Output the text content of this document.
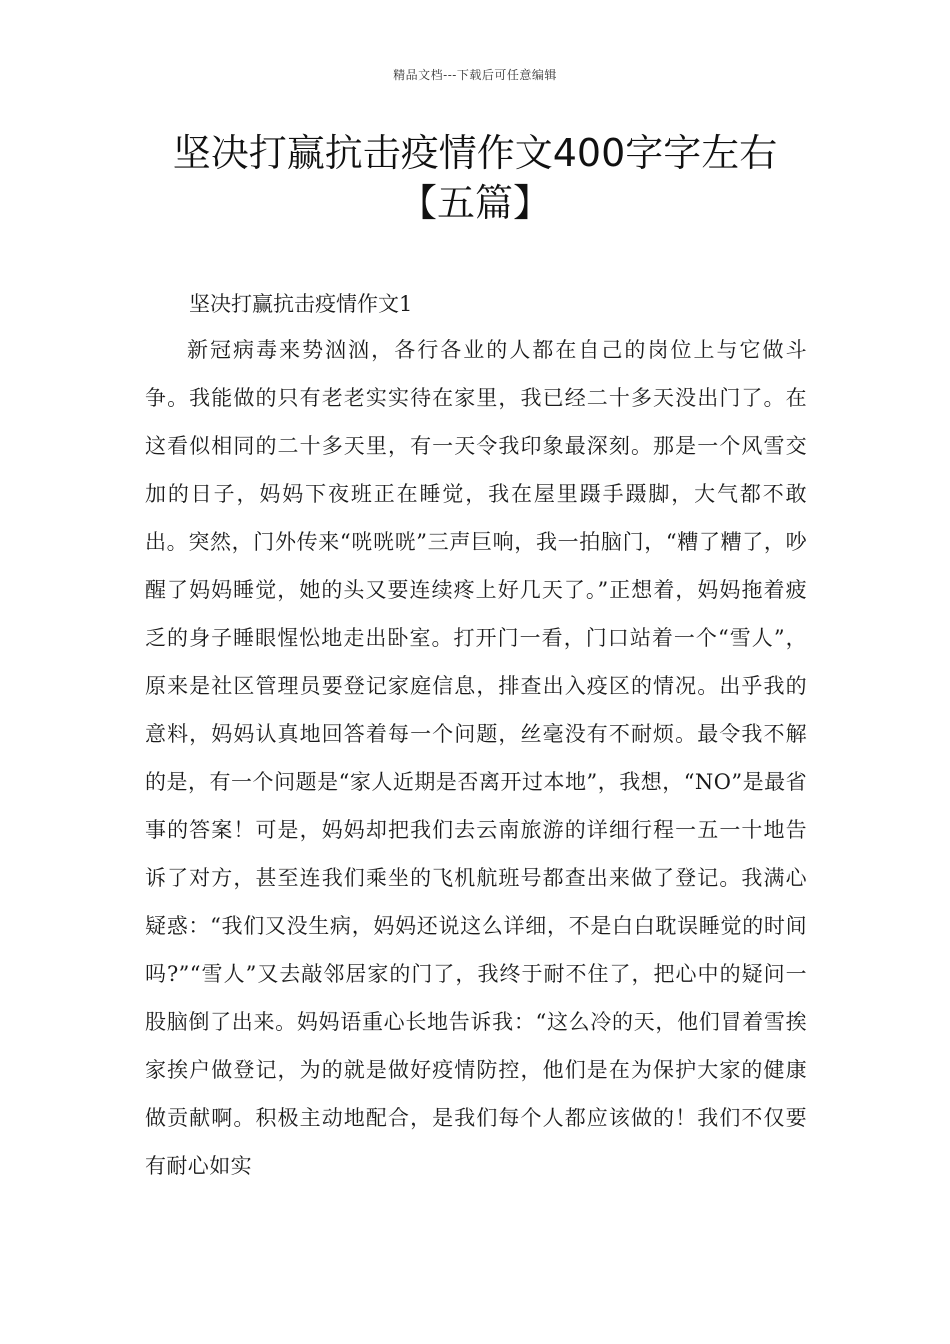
精品文档---下载后可任意编辑
坚决打赢抗击疫情作文400字字左右
【五篇】
坚决打赢抗击疫情作文1

新冠病毒来势汹汹，各行各业的人都在自己的岗位上与它做斗争。我能做的只有老老实实待在家里，我已经二十多天没出门了。在这看似相同的二十多天里，有一天令我印象最深刻。那是一个风雪交加的日子，妈妈下夜班正在睡觉，我在屋里蹑手蹑脚，大气都不敢出。突然，门外传来“咣咣咣”三声巨响，我一拍脑门，“糟了糟了，吵醒了妈妈睡觉，她的头又要连续疼上好几天了。”正想着，妈妈拖着疲乏的身子睡眼惺忪地走出卧室。打开门一看，门口站着一个“雪人”，原来是社区管理员要登记家庭信息，排查出入疫区的情况。出乎我的意料，妈妈认真地回答着每一个问题，丝毫没有不耐烦。最令我不解的是，有一个问题是“家人近期是否离开过本地”，我想，“NO”是最省事的答案！可是，妈妈却把我们去云南旅游的详细行程一五一十地告诉了对方，甚至连我们乘坐的飞机航班号都查出来做了登记。我满心疑惑：“我们又没生病，妈妈还说这么详细，不是白白耽误睡觉的时间吗?”“雪人”又去敲邻居家的门了，我终于耐不住了，把心中的疑问一股脑倒了出来。妈妈语重心长地告诉我：“这么冷的天，他们冒着雪挨家挨户做登记，为的就是做好疫情防控，他们是在为保护大家的健康做贡献啊。积极主动地配合，是我们每个人都应该做的！我们不仅要有耐心如实
